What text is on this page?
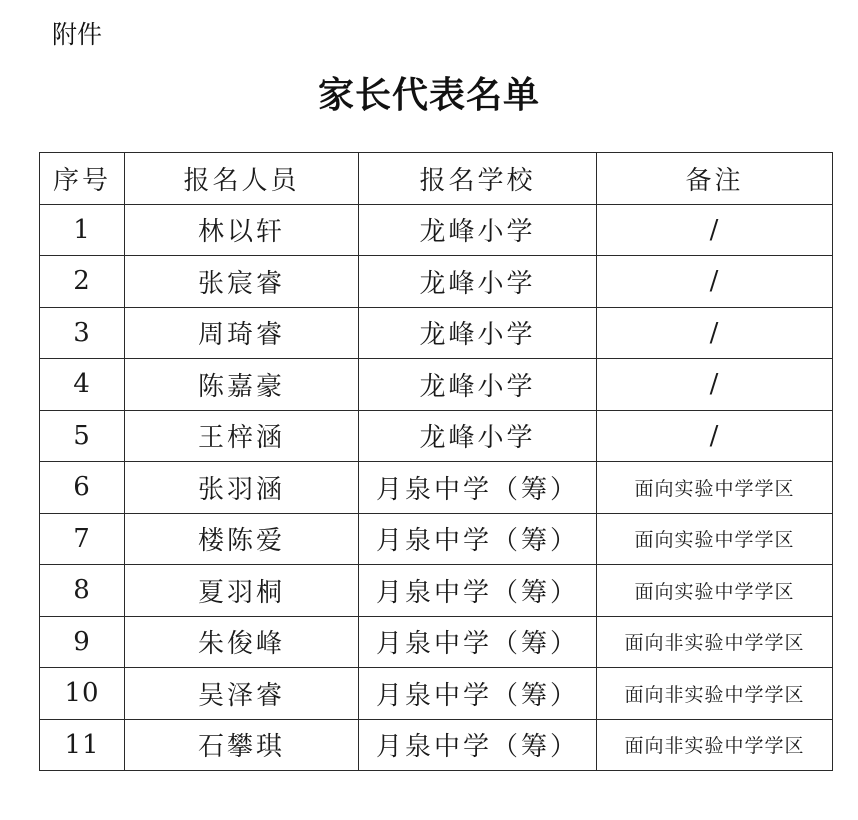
附件
家长代表名单
序号	报名人员	报名学校	备注
1	林以轩	龙峰小学	/
2	张宸睿	龙峰小学	/
3	周琦睿	龙峰小学	/
4	陈嘉豪	龙峰小学	/
5	王梓涵	龙峰小学	/
6	张羽涵	月泉中学（筹）	面向实验中学学区
7	楼陈爱	月泉中学（筹）	面向实验中学学区
8	夏羽桐	月泉中学（筹）	面向实验中学学区
9	朱俊峰	月泉中学（筹）	面向非实验中学学区
10	吴泽睿	月泉中学（筹）	面向非实验中学学区
11	石攀琪	月泉中学（筹）	面向非实验中学学区
